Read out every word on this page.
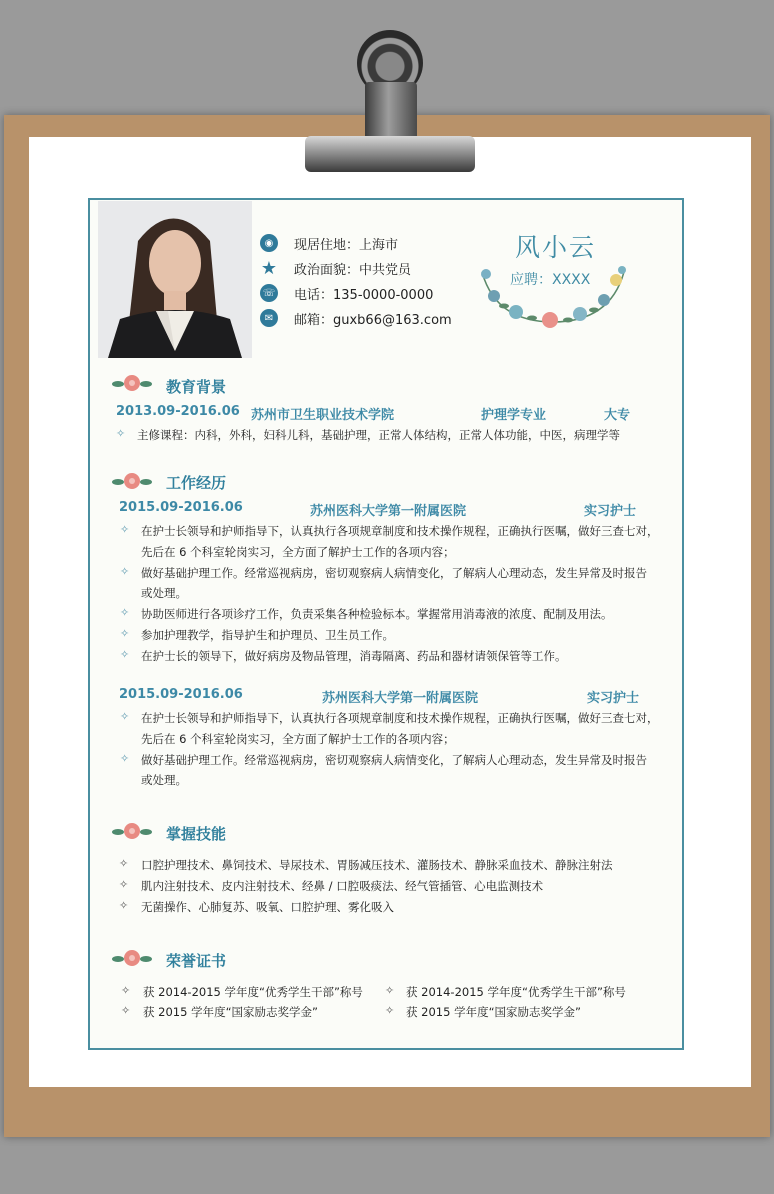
◉	现居住地：上海市
★ 政治面貌：中共党员
☏ 电话：135-0000-0000
✉	邮箱：guxb66@163.com
风小云
应聘：XXXX
教育背景
2013.09-2016.06 苏州市卫生职业技术学院	护理学专业	大专
✧ 主修课程：内科，外科，妇科儿科，基础护理，正常人体结构，正常人体功能，中医，病理学等
工作经历
2015.09-2016.06	苏州医科大学第一附属医院	实习护士
✧ 在护士长领导和护师指导下，认真执行各项规章制度和技术操作规程，正确执行医嘱，做好三查七对，
先后在 6 个科室轮岗实习，全方面了解护士工作的各项内容；
✧ 做好基础护理工作。经常巡视病房，密切观察病人病情变化，了解病人心理动态，发生异常及时报告
或处理。
✧ 协助医师进行各项诊疗工作，负责采集各种检验标本。掌握常用消毒液的浓度、配制及用法。
✧ 参加护理教学，指导护生和护理员、卫生员工作。
✧ 在护士长的领导下，做好病房及物品管理，消毒隔离、药品和器材请领保管等工作。
2015.09-2016.06	苏州医科大学第一附属医院	实习护士
✧ 在护士长领导和护师指导下，认真执行各项规章制度和技术操作规程，正确执行医嘱，做好三查七对，
先后在 6 个科室轮岗实习，全方面了解护士工作的各项内容；
✧ 做好基础护理工作。经常巡视病房，密切观察病人病情变化，了解病人心理动态，发生异常及时报告
或处理。
掌握技能
✧ 口腔护理技术、鼻饲技术、导尿技术、胃肠减压技术、灌肠技术、静脉采血技术、静脉注射法
✧ 肌内注射技术、皮内注射技术、经鼻 / 口腔吸痰法、经气管插管、心电监测技术
✧ 无菌操作、心肺复苏、吸氧、口腔护理、雾化吸入
荣誉证书
✧ 获 2014-2015 学年度“优秀学生干部”称号 ✧ 获 2014-2015 学年度“优秀学生干部”称号
✧ 获 2015 学年度“国家励志奖学金”	✧ 获 2015 学年度“国家励志奖学金”
